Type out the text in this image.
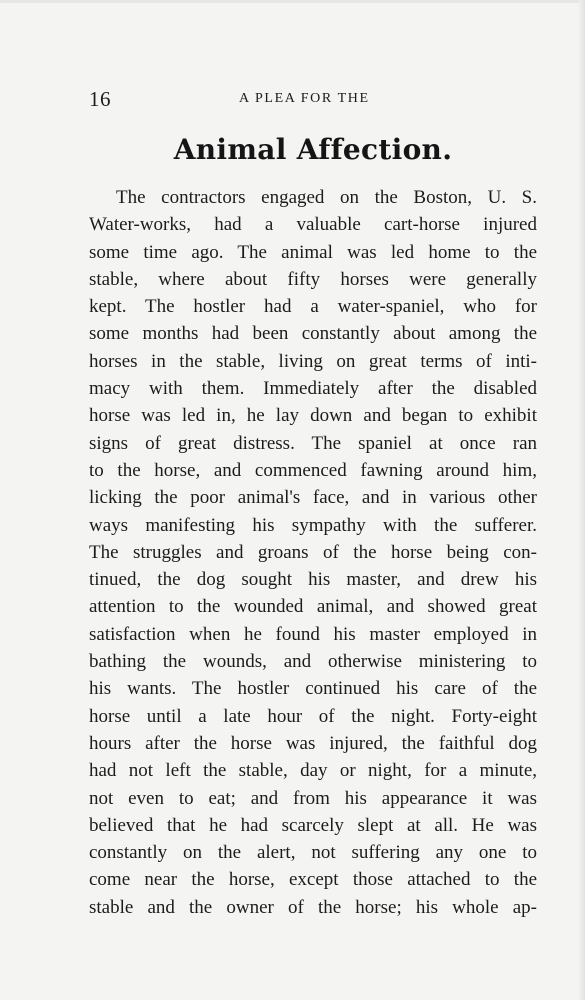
16	A PLEA FOR THE
Animal Affection.
The contractors engaged on the Boston, U. S.
Water-works, had a valuable cart-horse injured
some time ago. The animal was led home to the
stable, where about fifty horses were generally
kept. The hostler had a water-spaniel, who for
some months had been constantly about among the
horses in the stable, living on great terms of inti-
macy with them. Immediately after the disabled
horse was led in, he lay down and began to exhibit
signs of great distress. The spaniel at once ran
to the horse, and commenced fawning around him,
licking the poor animal's face, and in various other
ways manifesting his sympathy with the sufferer.
The struggles and groans of the horse being con-
tinued, the dog sought his master, and drew his
attention to the wounded animal, and showed great
satisfaction when he found his master employed in
bathing the wounds, and otherwise ministering to
his wants. The hostler continued his care of the
horse until a late hour of the night. Forty-eight
hours after the horse was injured, the faithful dog
had not left the stable, day or night, for a minute,
not even to eat; and from his appearance it was
believed that he had scarcely slept at all. He was
constantly on the alert, not suffering any one to
come near the horse, except those attached to the
stable and the owner of the horse; his whole ap-
